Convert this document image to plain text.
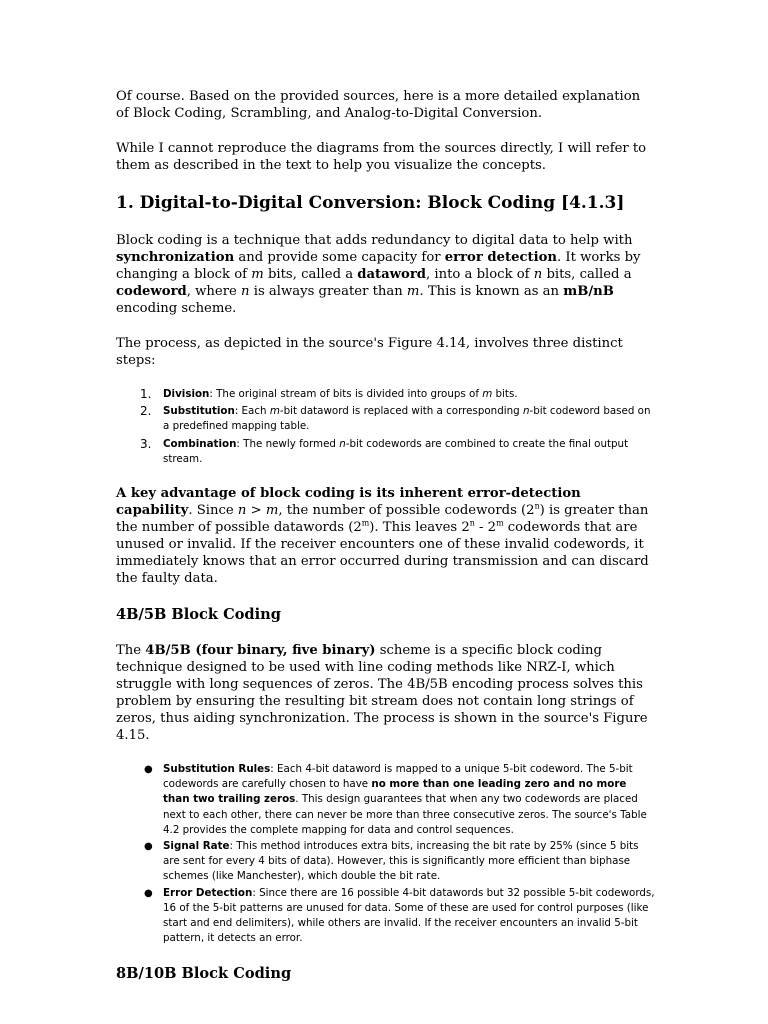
Of course. Based on the provided sources, here is a more detailed explanation of Block Coding, Scrambling, and Analog-to-Digital Conversion.

While I cannot reproduce the diagrams from the sources directly, I will refer to them as described in the text to help you visualize the concepts.

1. Digital-to-Digital Conversion: Block Coding [4.1.3]

Block coding is a technique that adds redundancy to digital data to help with synchronization and provide some capacity for error detection. It works by changing a block of m bits, called a dataword, into a block of n bits, called a codeword, where n is always greater than m. This is known as an mB/nB encoding scheme.

The process, as depicted in the source's Figure 4.14, involves three distinct steps:

1. Division: The original stream of bits is divided into groups of m bits.
2. Substitution: Each m-bit dataword is replaced with a corresponding n-bit codeword based on a predefined mapping table.
3. Combination: The newly formed n-bit codewords are combined to create the final output stream.

A key advantage of block coding is its inherent error-detection capability. Since n > m, the number of possible codewords (2$^n$) is greater than the number of possible datawords (2$^m$). This leaves 2$^n$ - 2$^m$ codewords that are unused or invalid. If the receiver encounters one of these invalid codewords, it immediately knows that an error occurred during transmission and can discard the faulty data.

4B/5B Block Coding

The 4B/5B (four binary, five binary) scheme is a specific block coding technique designed to be used with line coding methods like NRZ-I, which struggle with long sequences of zeros. The 4B/5B encoding process solves this problem by ensuring the resulting bit stream does not contain long strings of zeros, thus aiding synchronization. The process is shown in the source's Figure 4.15.

● Substitution Rules: Each 4-bit dataword is mapped to a unique 5-bit codeword. The 5-bit codewords are carefully chosen to have no more than one leading zero and no more than two trailing zeros. This design guarantees that when any two codewords are placed next to each other, there can never be more than three consecutive zeros. The source's Table 4.2 provides the complete mapping for data and control sequences.
● Signal Rate: This method introduces extra bits, increasing the bit rate by 25% (since 5 bits are sent for every 4 bits of data). However, this is significantly more efficient than biphase schemes (like Manchester), which double the bit rate.
● Error Detection: Since there are 16 possible 4-bit datawords but 32 possible 5-bit codewords, 16 of the 5-bit patterns are unused for data. Some of these are used for control purposes (like start and end delimiters), while others are invalid. If the receiver encounters an invalid 5-bit pattern, it detects an error.
8B/10B Block Coding
